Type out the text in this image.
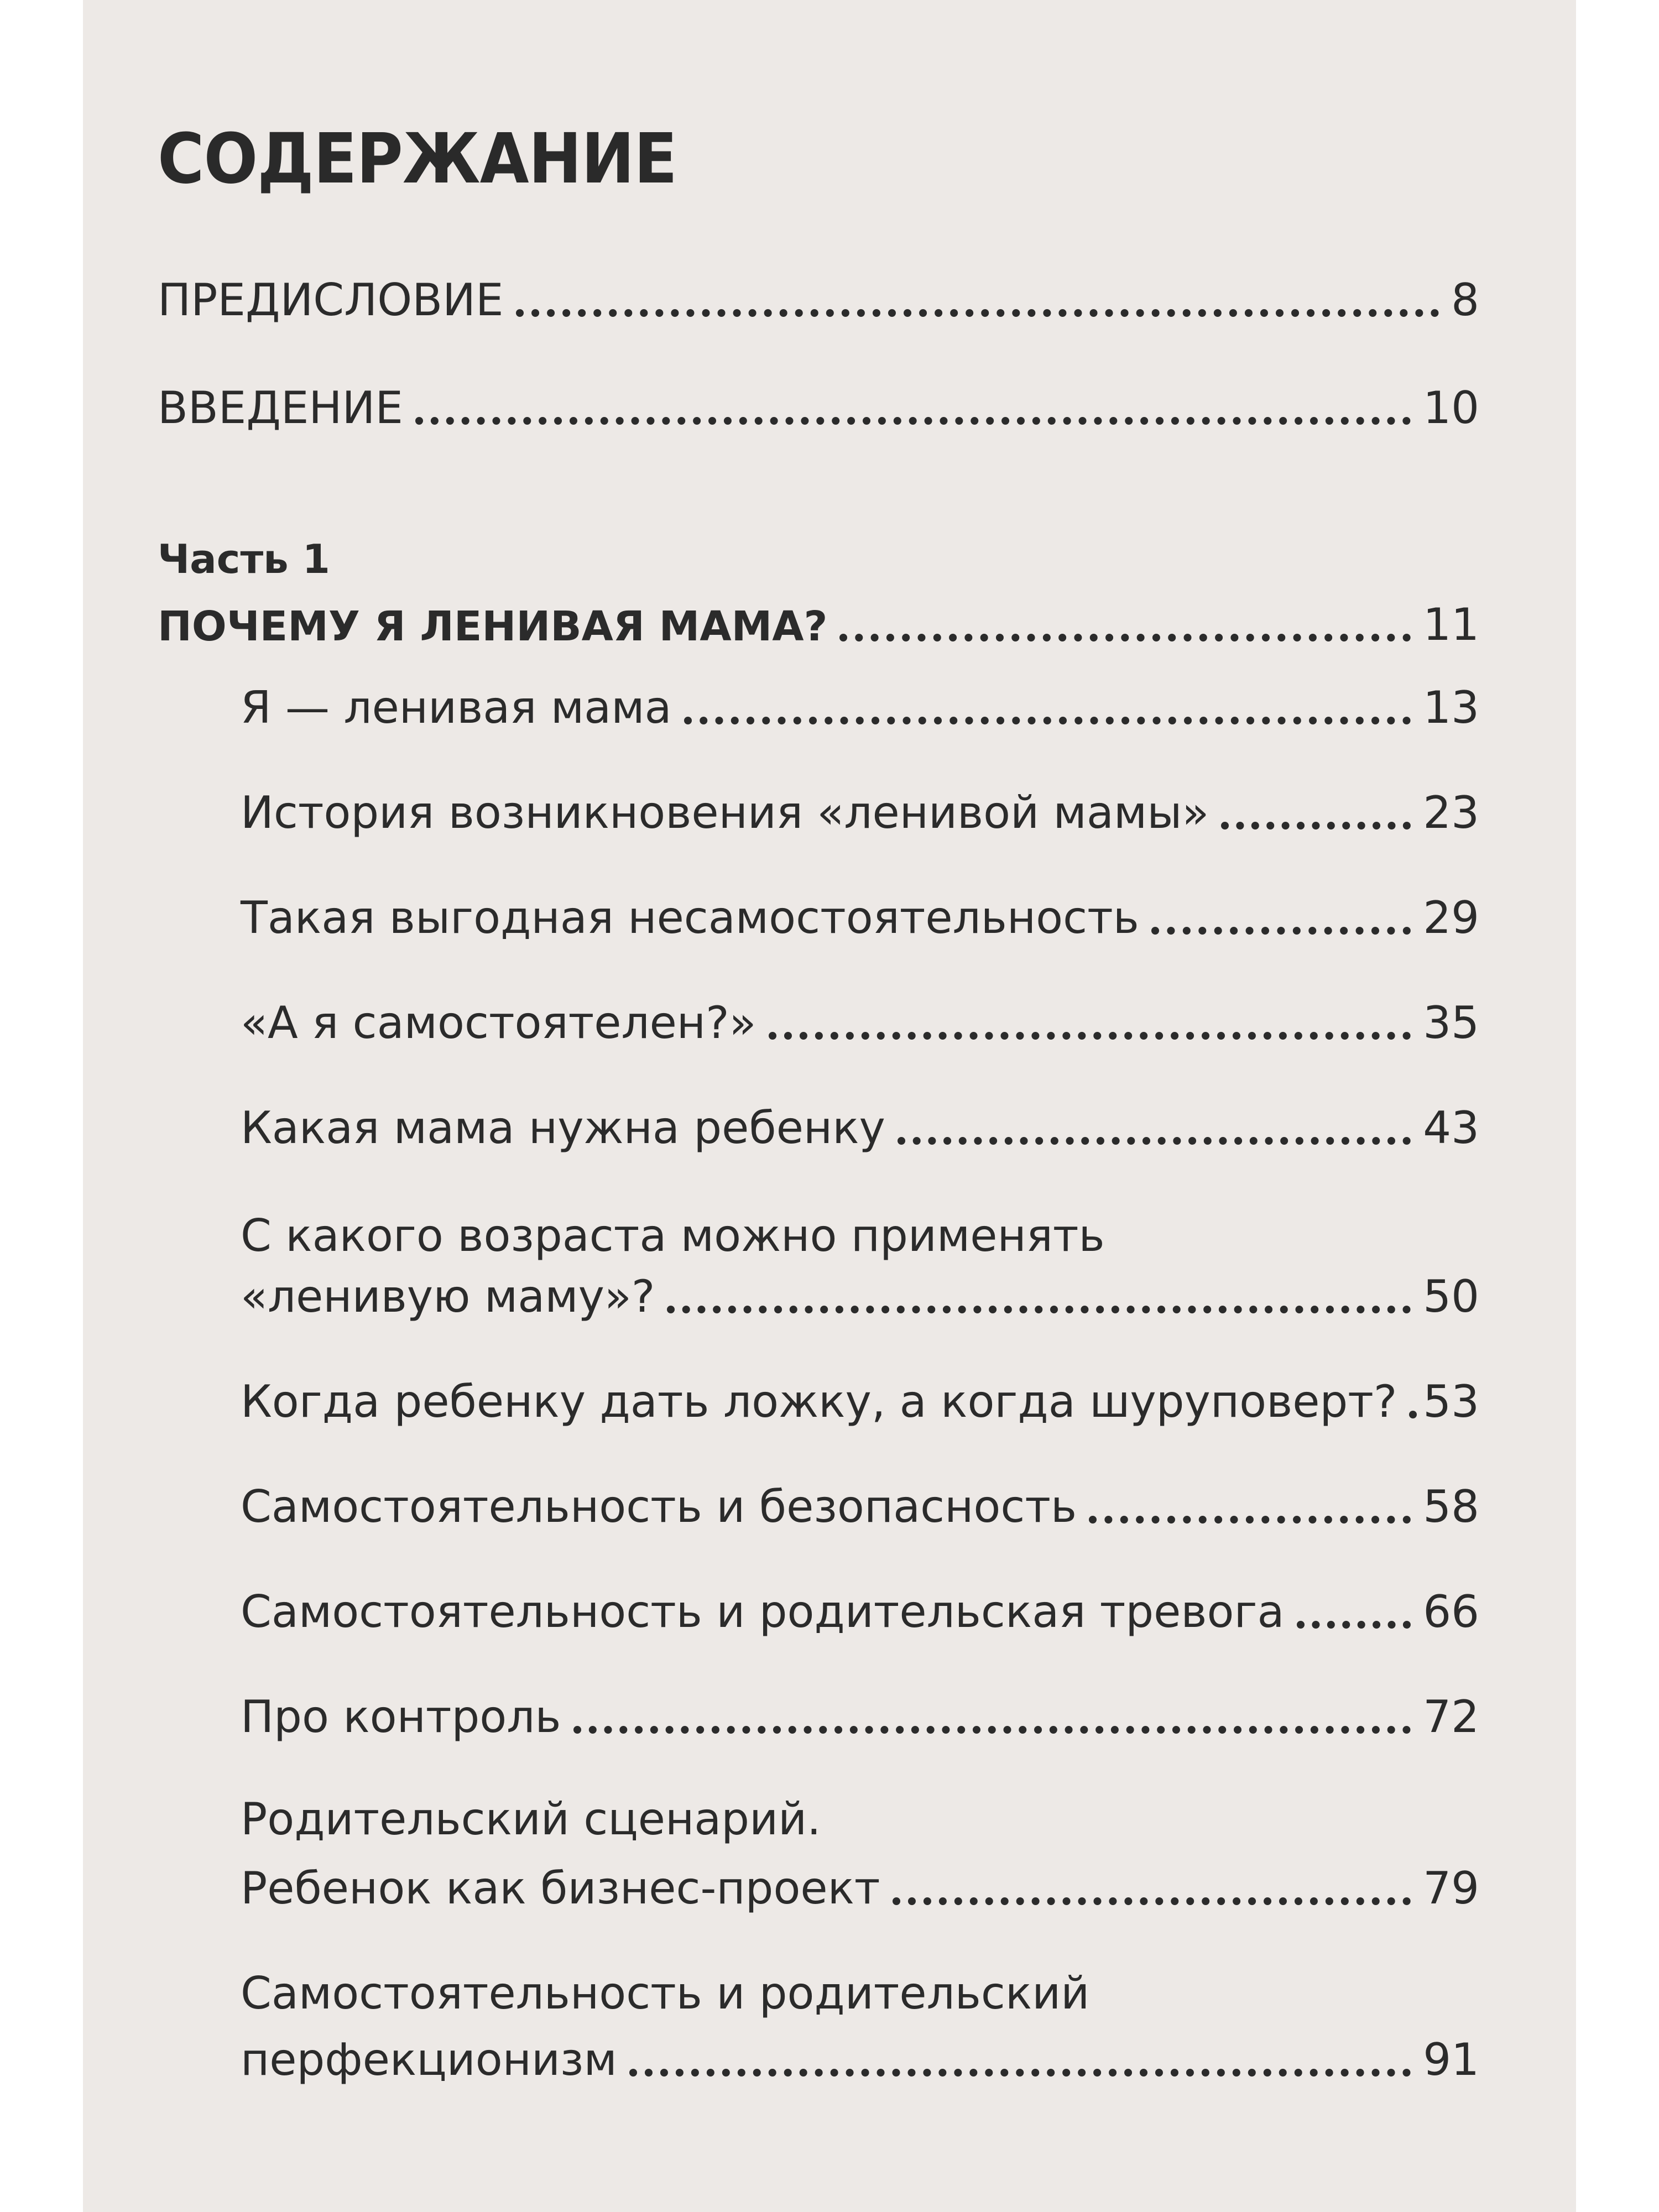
СОДЕРЖАНИЕ
ПРЕДИСЛОВИЕ	8
ВВЕДЕНИЕ	10
Часть 1
ПОЧЕМУ Я ЛЕНИВАЯ МАМА?	11
Я — ленивая мама	13
История возникновения «ленивой мамы»	23
Такая выгодная несамостоятельность	29
«А я самостоятелен?»	35
Какая мама нужна ребенку	43
С какого возраста можно применять
«ленивую маму»?	50
Когда ребенку дать ложку, а когда шуруповерт? 53
Самостоятельность и безопасность	58
Самостоятельность и родительская тревога	66
Про контроль	72
Родительский сценарий.
Ребенок как бизнес-проект	79
Самостоятельность и родительский
перфекционизм	91
